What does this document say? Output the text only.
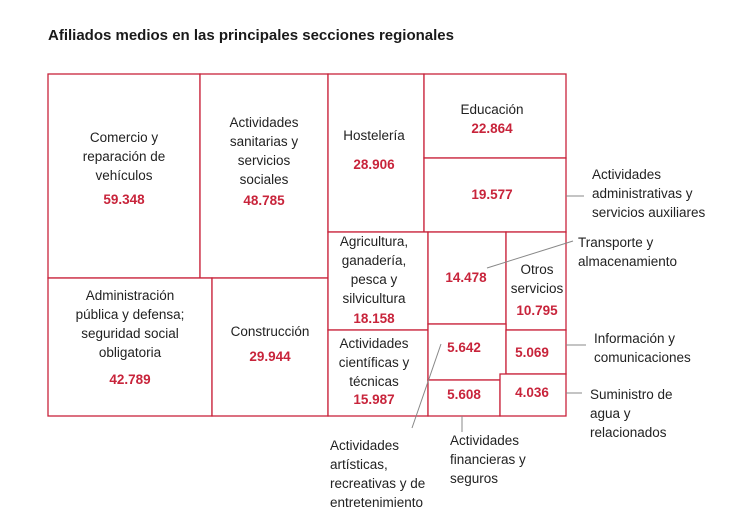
Afiliados medios en las principales secciones regionales
Comercio y
reparación de
vehículos
59.348
Actividades
sanitarias y
servicios
sociales
48.785
Hostelería
28.906
Educación
22.864
19.577
Actividades
administrativas y
servicios auxiliares
Administración
pública y defensa;
seguridad social
obligatoria
42.789
Construcción
29.944
Agricultura,
ganadería,
pesca y
silvicultura
18.158
14.478
Transporte y
almacenamiento
Otros
servicios
10.795
Actividades
científicas y
técnicas
15.987
5.642
Actividades
artísticas,
recreativas y de
entretenimiento
5.069
Información y
comunicaciones
5.608
Actividades
financieras y
seguros
4.036	Suministro de
agua y
relacionados
